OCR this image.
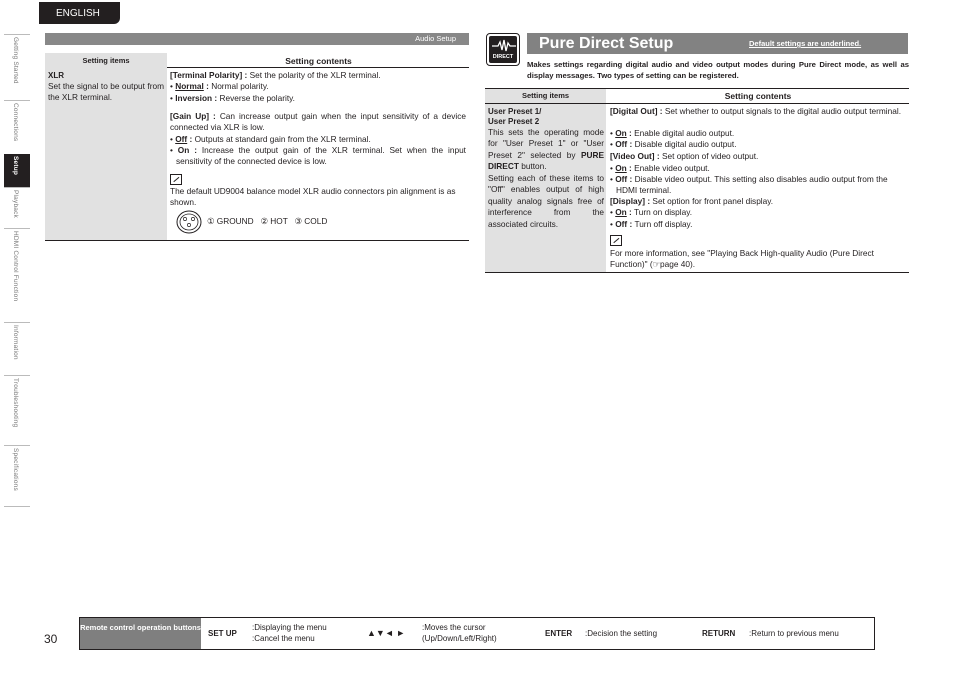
ENGLISH
Getting Started
Connections
Setup
Playback
HDMI Control Function
Information
Troubleshooting
Specifications
Audio Setup
Setting items	Setting contents
XLR
Set the signal to be output from the XLR terminal.
[Terminal Polarity] : Set the polarity of the XLR terminal.
• Normal : Normal polarity.
• Inversion : Reverse the polarity.
[Gain Up] : Can increase output gain when the input sensitivity of a device connected via XLR is low.
• Off : Outputs at standard gain from the XLR terminal.
• On : Increase the output gain of the XLR terminal. Set when the input sensitivity of the connected device is low.
The default UD9004 balance model XLR audio connectors pin alignment is as shown.
① GROUND   ② HOT   ③ COLD
DIRECT
Pure Direct Setup	Default settings are underlined.
Makes settings regarding digital audio and video output modes during Pure Direct mode, as well as display messages. Two types of setting can be registered.
Setting items	Setting contents
User Preset 1/
User Preset 2
This sets the operating mode for "User Preset 1" or "User Preset 2" selected by PURE DIRECT button.
Setting each of these items to "Off" enables output of high quality analog signals free of interference from the associated circuits.
[Digital Out] : Set whether to output signals to the digital audio output terminal.
• On : Enable digital audio output.
• Off : Disable digital audio output.
[Video Out] : Set option of video output.
• On : Enable video output.
• Off : Disable video output. This setting also disables audio output from the HDMI terminal.
[Display] : Set option for front panel display.
• On : Turn on display.
• Off : Turn off display.
For more information, see "Playing Back High-quality Audio (Pure Direct Function)" (☞page 40).
30
Remote control operation buttons
SET UP
:Displaying the menu
:Cancel the menu
▲▼◄ ►
:Moves the cursor
(Up/Down/Left/Right)
ENTER :Decision the setting	RETURN :Return to previous menu
